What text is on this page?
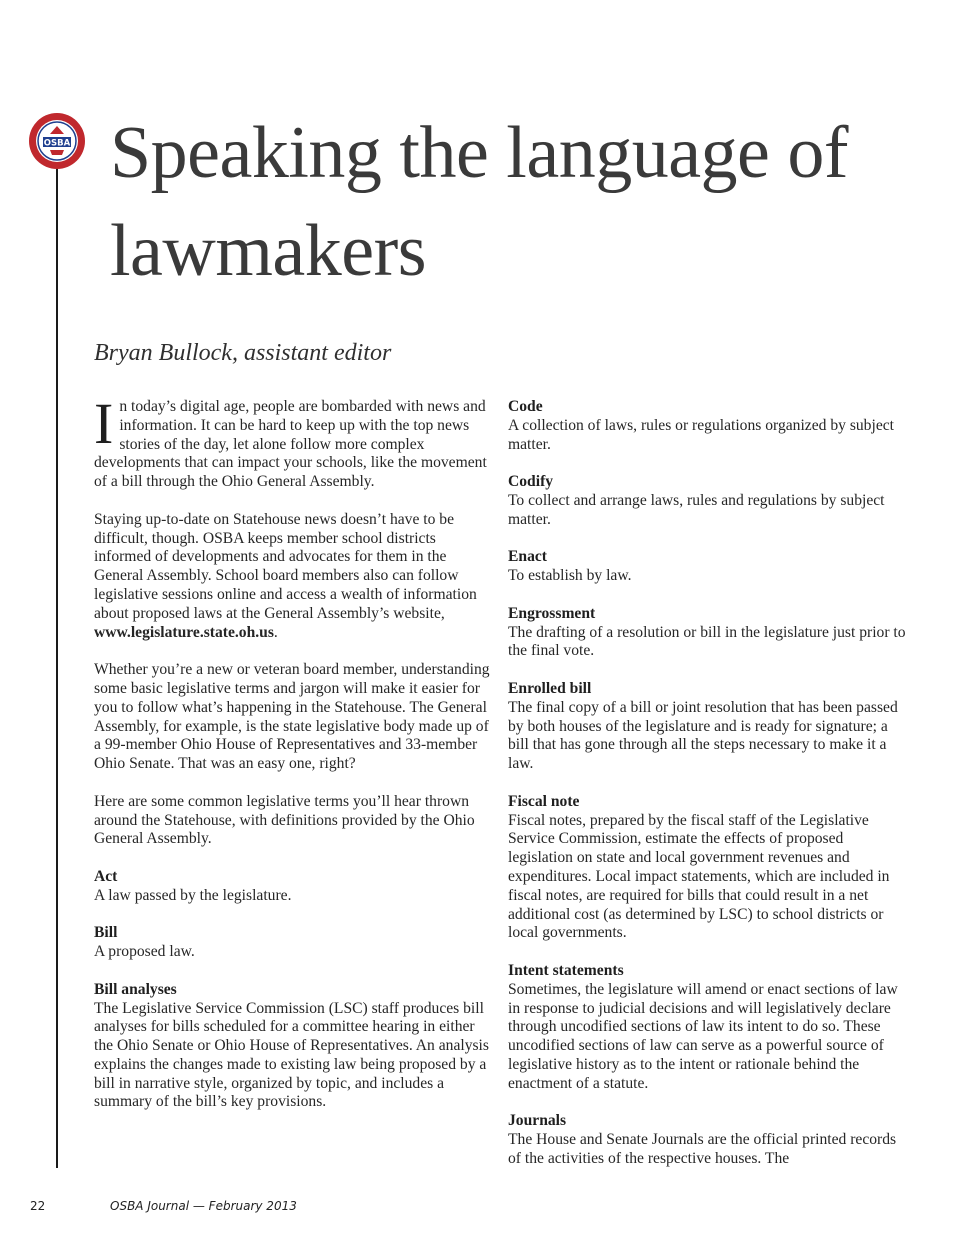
OSBA Speaking the language of lawmakers
Bryan Bullock, assistant editor

In today’s digital age, people are bombarded with news and information. It can be hard to keep up with the top news stories of the day, let alone follow more complex developments that can impact your schools, like the movement of a bill through the Ohio General Assembly.

Staying up-to-date on Statehouse news doesn’t have to be difficult, though. OSBA keeps member school districts informed of developments and advocates for them in the General Assembly. School board members also can follow legislative sessions online and access a wealth of information about proposed laws at the General Assembly’s website, www.legislature.state.oh.us.

Whether you’re a new or veteran board member, understanding some basic legislative terms and jargon will make it easier for you to follow what’s happening in the Statehouse. The General Assembly, for example, is the state legislative body made up of a 99-member Ohio House of Representatives and 33-member Ohio Senate. That was an easy one, right?

Here are some common legislative terms you’ll hear thrown around the Statehouse, with definitions provided by the Ohio General Assembly.

Act
A law passed by the legislature.
Bill
A proposed law.
Bill analyses
The Legislative Service Commission (LSC) staff produces bill analyses for bills scheduled for a committee hearing in either the Ohio Senate or Ohio House of Representatives. An analysis explains the changes made to existing law being proposed by a bill in narrative style, organized by topic, and includes a summary of the bill’s key provisions.
Code
A collection of laws, rules or regulations organized by subject matter.
Codify
To collect and arrange laws, rules and regulations by subject matter.
Enact
To establish by law.
Engrossment
The drafting of a resolution or bill in the legislature just prior to the final vote.
Enrolled bill
The final copy of a bill or joint resolution that has been passed by both houses of the legislature and is ready for signature; a bill that has gone through all the steps necessary to make it a law.
Fiscal note
Fiscal notes, prepared by the fiscal staff of the Legislative Service Commission, estimate the effects of proposed legislation on state and local government revenues and expenditures. Local impact statements, which are included in fiscal notes, are required for bills that could result in a net additional cost (as determined by LSC) to school districts or local governments.
Intent statements
Sometimes, the legislature will amend or enact sections of law in response to judicial decisions and will legislatively declare through uncodified sections of law its intent to do so. These uncodified sections of law can serve as a powerful source of legislative history as to the intent or rationale behind the enactment of a statute.
Journals
The House and Senate Journals are the official printed records of the activities of the respective houses. The
22	OSBA Journal — February 2013
